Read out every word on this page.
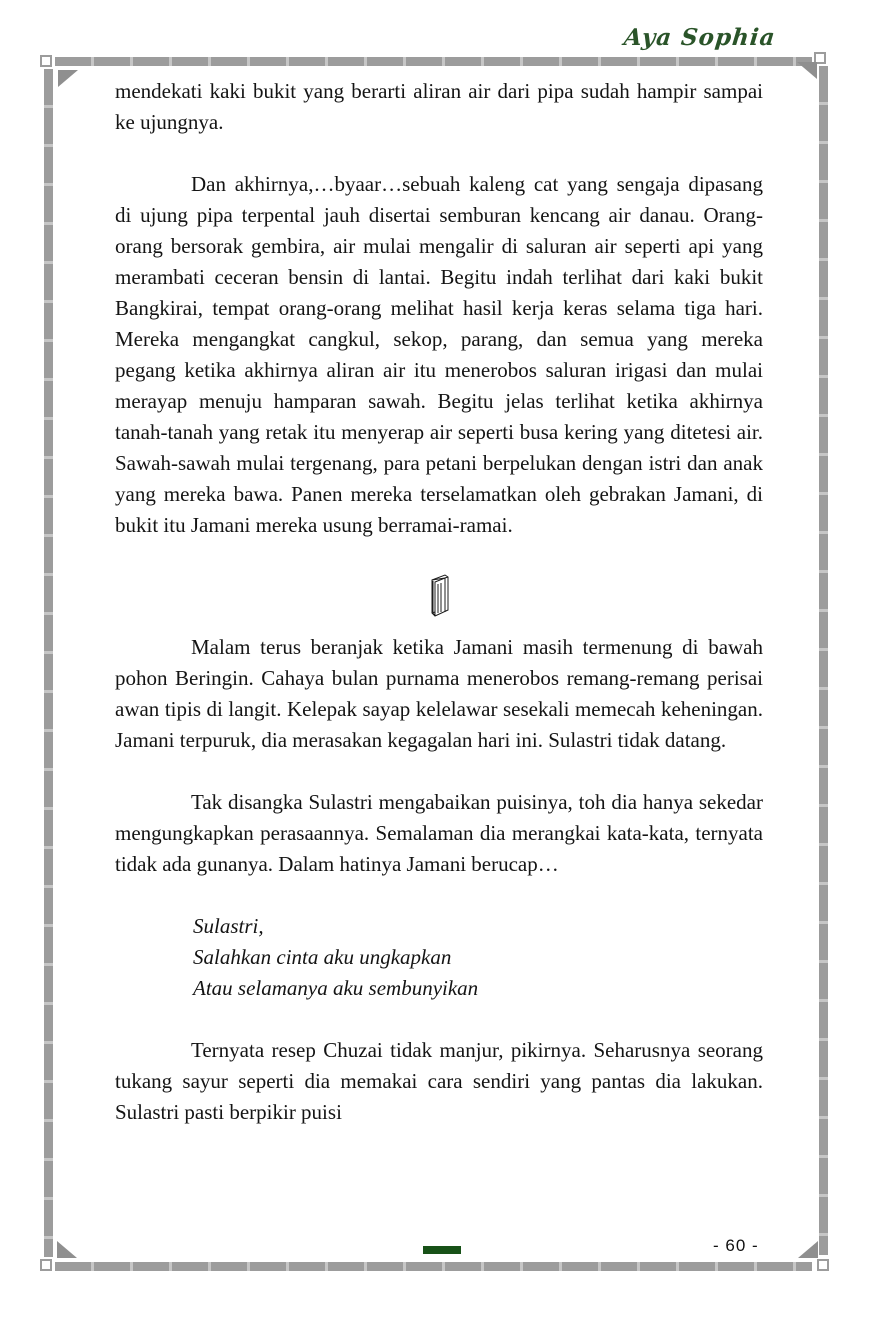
Aya Sophia

mendekati kaki bukit yang berarti aliran air dari pipa sudah hampir sampai ke ujungnya.

Dan akhirnya,…byaar…sebuah kaleng cat yang sengaja dipasang di ujung pipa terpental jauh disertai semburan kencang air danau. Orang-orang bersorak gembira, air mulai mengalir di saluran air seperti api yang merambati ceceran bensin di lantai. Begitu indah terlihat dari kaki bukit Bangkirai, tempat orang-orang melihat hasil kerja keras selama tiga hari. Mereka mengangkat cangkul, sekop, parang, dan semua yang mereka pegang ketika akhirnya aliran air itu menerobos saluran irigasi dan mulai merayap menuju hamparan sawah. Begitu jelas terlihat ketika akhirnya tanah-tanah yang retak itu menyerap air seperti busa kering yang ditetesi air. Sawah-sawah mulai tergenang, para petani berpelukan dengan istri dan anak yang mereka bawa. Panen mereka terselamatkan oleh gebrakan Jamani, di bukit itu Jamani mereka usung berramai-ramai.

Malam terus beranjak ketika Jamani masih termenung di bawah pohon Beringin. Cahaya bulan purnama menerobos remang-remang perisai awan tipis di langit. Kelepak sayap kelelawar sesekali memecah keheningan. Jamani terpuruk, dia merasakan kegagalan hari ini. Sulastri tidak datang.

Tak disangka Sulastri mengabaikan puisinya, toh dia hanya sekedar mengungkapkan perasaannya. Semalaman dia merangkai kata-kata, ternyata tidak ada gunanya. Dalam hatinya Jamani berucap…

Sulastri,
Salahkan cinta aku ungkapkan
Atau selamanya aku sembunyikan

Ternyata resep Chuzai tidak manjur, pikirnya. Seharusnya seorang tukang sayur seperti dia memakai cara sendiri yang pantas dia lakukan. Sulastri pasti berpikir puisi

- 60 -
